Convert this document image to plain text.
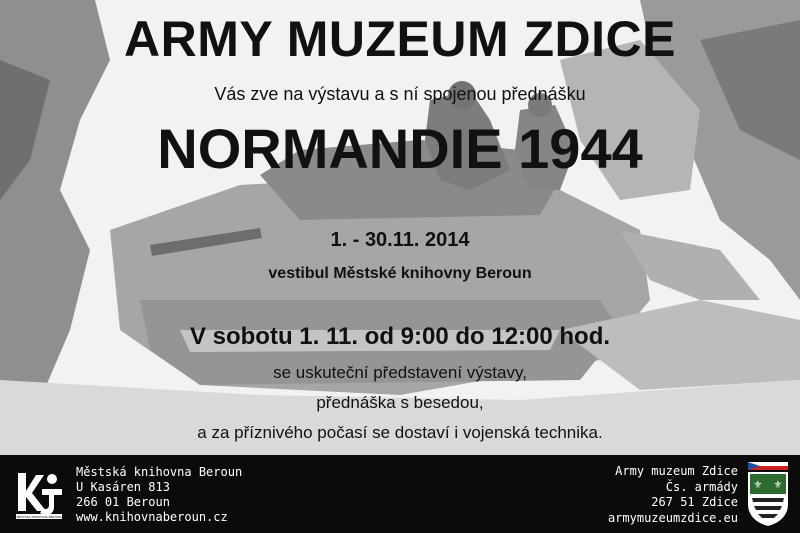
ARMY MUZEUM ZDICE

Vás zve na výstavu a s ní spojenou přednášku

NORMANDIE 1944

1. - 30.11. 2014

vestibul Městské knihovny Beroun

V sobotu 1. 11. od 9:00 do 12:00 hod.

se uskuteční představení výstavy,

přednáška s besedou,

a za příznivého počasí se dostaví i vojenská technika.

MĚSTSKÁ KNIHOVNA BEROUN
Městská knihovna Beroun
U Kasáren 813
266 01 Beroun
www.knihovnaberoun.cz
Army muzeum Zdice
Čs. armády
267 51 Zdice
armymuzeumzdice.eu
⚜ ⚜
